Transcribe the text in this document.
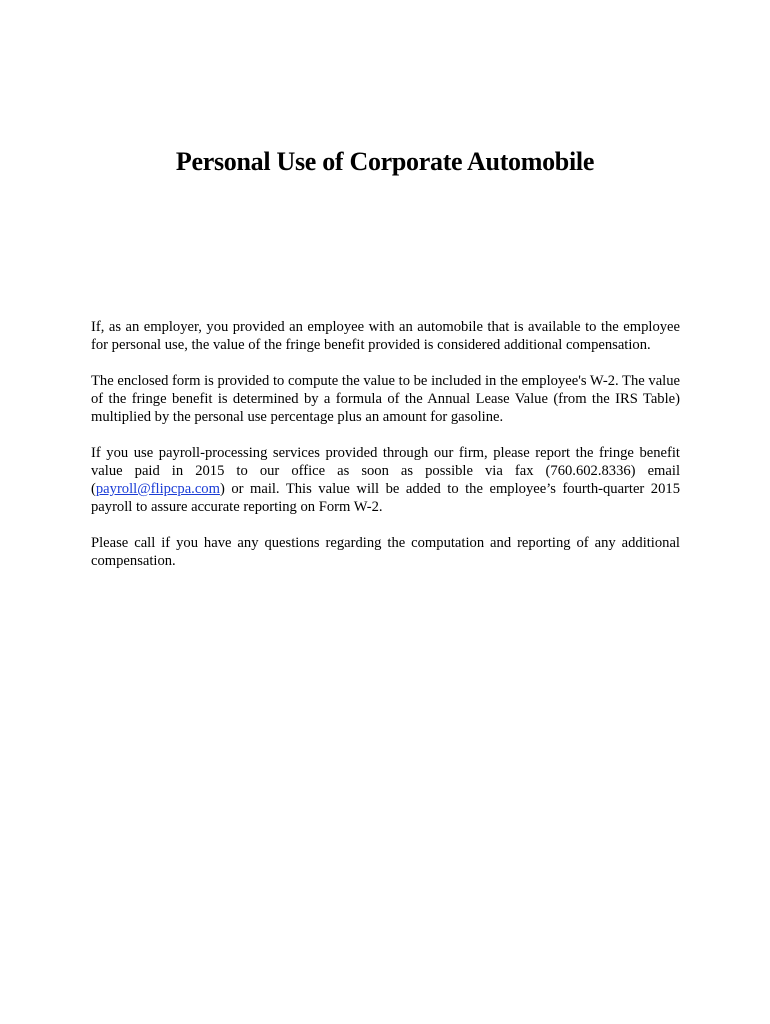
Personal Use of Corporate Automobile

If, as an employer, you provided an employee with an automobile that is available to the employee for personal use, the value of the fringe benefit provided is considered additional compensation.

The enclosed form is provided to compute the value to be included in the employee's W-2. The value of the fringe benefit is determined by a formula of the Annual Lease Value (from the IRS Table) multiplied by the personal use percentage plus an amount for gasoline.

If you use payroll-processing services provided through our firm, please report the fringe benefit value paid in 2015 to our office as soon as possible via fax (760.602.8336) email (payroll@flipcpa.com) or mail. This value will be added to the employee’s fourth-quarter 2015 payroll to assure accurate reporting on Form W-2.

Please call if you have any questions regarding the computation and reporting of any additional compensation.
